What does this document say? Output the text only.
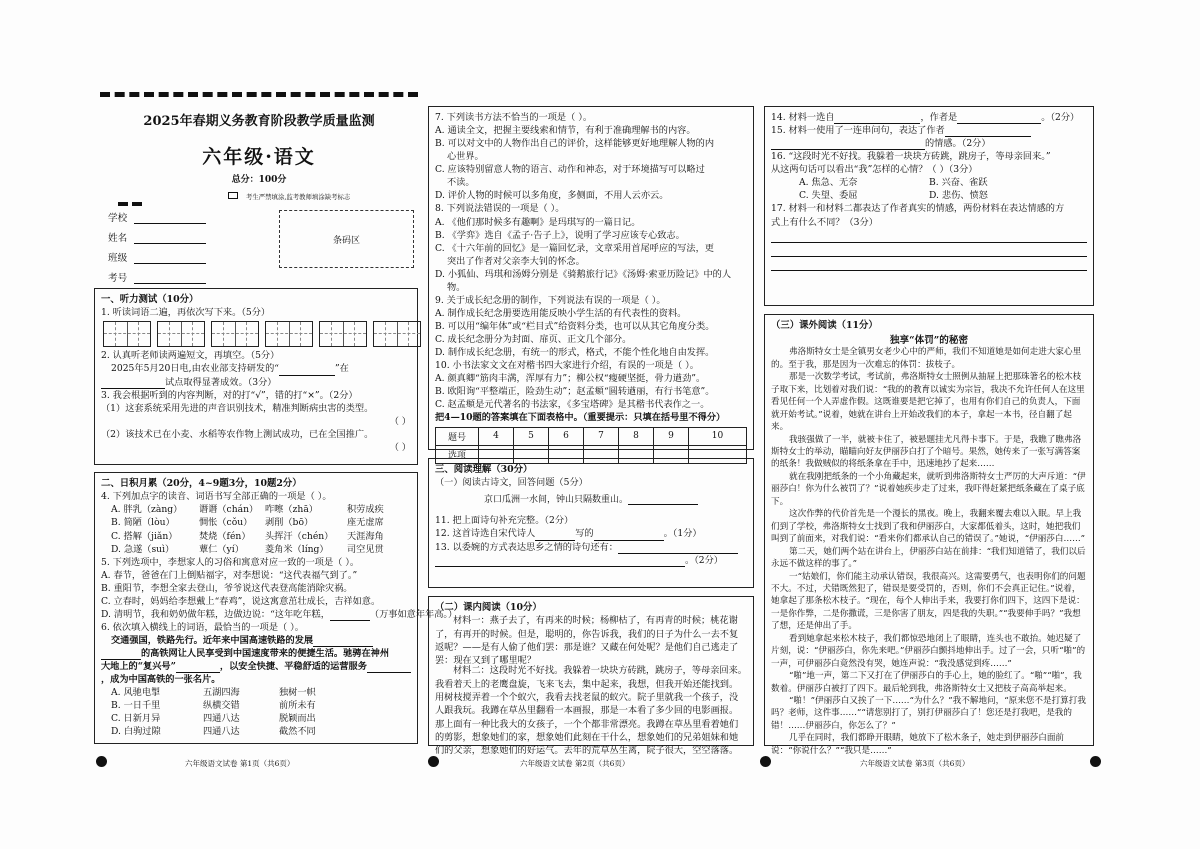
2025年春期义务教育阶段教学质量监测
六年级·语文
总分：100分
考生严禁填涂,监考教师填涂缺考标志
学校
姓名
班级
考号
条码区
一、听力测试（10分）
1. 听读词语二遍，再依次写下来。（5分）
2. 认真听老师读两遍短文，再填空。（5分）
2025年5月20日电,由农业部支持研发的“	”在
试点取得显著成效。（3分）
3. 我会根据听到的内容判断，对的打“√”，错的打“×”。（2分）
（1）这套系统采用先进的声音识别技术，精准判断病虫害的类型。
（ ）
（2）该技术已在小麦、水稻等农作物上测试成功，已在全国推广。
（ ）
二、日积月累（20分，4~9题3分，10题2分）
4. 下列加点字的读音、词语书写全部正确的一项是（ ）。
A. 胖乳（zàng） 谮谮（chán） 咋嚓（zhā）	积劳成疾
B. 简陋（lòu）	惆怅（cǒu） 剥削（bō）	座无虚席
C. 搭解（jiǎn） 焚烧（fén） 头挥汗（chén） 天涯海角
D. 急遂（suì）	蕈仁（yí） 菱角米（líng） 司空见贯
5. 下列选项中，李想家人的习俗和寓意对应一致的一项是（ ）。
A. 春节，爸爸在门上倒贴福字，对李想说：“这代表福气到了。”
B. 重阳节，李想全家去登山，爷爷说这代表登高能消除灾祸。
C. 立春时，妈妈给李想戴上“春鸡”，说这寓意茁壮成长，吉祥如意。
D. 清明节，我和奶奶做年糕，边做边说：“这年吃年糕，	（万事如意年年高。）
6. 依次填入横线上的词语，最恰当的一项是（ ）。
交通强国，铁路先行。近年来中国高速铁路的发展
的高铁网让人民享受到中国速度带来的便捷生活。驰骋在神州
大地上的“复兴号”	，以安全快捷、平稳舒适的运营服务
，成为中国高铁的一张名片。
A. 风驰电掣	五湖四海	独树一帜
B. 一日千里	纵横交错	前所未有
C. 日新月异	四通八达	脱颖而出
D. 白驹过隙	四通八达	截然不同
7. 下列读书方法不恰当的一项是（ ）。
A. 通读全文，把握主要线索和情节，有利于准确理解书的内容。
B. 可以对文中的人物作出自己的评价，这样能够更好地理解人物的内
心世界。
C. 应该特别留意人物的语言、动作和神态，对于环境描写可以略过
不读。
D. 评价人物的时候可以多角度，多侧面，不用人云亦云。
8. 下列说法错误的一项是（ ）。
A. 《他们那时候多有趣啊》是玛琪写的一篇日记。
B. 《学弈》选自《孟子·告子上》，说明了学习应该专心致志。
C. 《十六年前的回忆》是一篇回忆录，文章采用首尾呼应的写法，更
突出了作者对父亲李大钊的怀念。
D. 小狐仙、玛琪和汤姆分别是《骑鹅旅行记》《汤姆·索亚历险记》中的人
物。
9. 关于成长纪念册的制作，下列说法有误的一项是（ ）。
A. 制作成长纪念册要选用能反映小学生活的有代表性的资料。
B. 可以用“编年体”或“栏目式”给资料分类，也可以从其它角度分类。
C. 成长纪念册分为封面、扉页、正文几个部分。
D. 制作成长纪念册，有统一的形式，格式，不能个性化地自由发挥。
10. 小书法家文文在对楷书四大家进行介绍，有误的一项是（ ）。
A. 颜真卿“筋肉丰满，浑厚有力”；柳公权“瘦硬坚挺，骨力遒劲”。
B. 欧阳询“平整端正，险劲生动”；赵孟頫“圆转遒丽，有行书笔意”。
C. 赵孟頫是元代著名的书法家，《多宝塔碑》是其楷书代表作之一。
把4—10题的答案填在下面表格中。（重要提示：只填在括号里不得分）
题号	4	5	6	7	8	9	10
选项							
三、阅读理解（30分）
（一）阅读古诗文，回答问题（5分）
京口瓜洲一水间，钟山只隔数重山。
11. 把上面诗句补充完整。（2分）
12. 这首诗选自宋代诗人	写的	。（1分）
13. 以委婉的方式表达思乡之情的诗句还有：
。（2分）
（二）课内阅读（10分）
材料一：燕子去了，有再来的时候；杨柳枯了，有再青的时候；桃花谢了，有再开的时候。但是，聪明的，你告诉我，我们的日子为什么一去不复返呢？——是有人偷了他们罢：那是谁？又藏在何处呢？是他们自己逃走了罢：现在又到了哪里呢？
材料二：这段时光不好找。我躲着一块块方砖跳，跳房子，等母亲回来。我看着天上的老鹰盘旋，飞来飞去，集中起来，我想，但我开始还能找到。用树枝搅弄着一个个蚁穴，我看去找老鼠的蚁穴。院子里就我一个孩子，没人跟我玩。我蹲在草丛里翻看一本画报，那是一本看了多少回的电影画报。那上面有一种比我大的女孩子，一个个都非常漂亮。我蹲在草丛里看着她们的剪影，想象她们的家，想象她们此刻在干什么，想象她们的兄弟姐妹和她们的父亲，想象她们的好运气。去年的荒草丛生离，院子很大，空空落落。
14. 材料一选自	，作者是	。（2分）
15. 材料一使用了一连串问句，表达了作者
的情感。（2分）
16. “这段时光不好找。我躲着一块块方砖跳，跳房子，等母亲回来。”
从这两句话可以看出“我”怎样的心情？（ ）（3分）
A. 焦急、无奈	B. 兴奋、雀跃
C. 失望、委屈	D. 悲伤、愤怒
17. 材料一和材料二都表达了作者真实的情感，两份材料在表达情感的方
式上有什么不同？（3分）
（三）课外阅读（11分）
独享“体罚”的秘密
弗洛斯特女士是全镇男女老少心中的严师，我们不知道她是如何走进大家心里的。至于我，那是因为一次难忘的体罚：拔枝子。
那是一次数学考试，考试前，弗洛斯特女士照例从抽屉上把那珠箸名的松木枝子取下来，比划着对我们说：“我的的教育以诚实为宗旨，我决不允许任何人在这里看见任何一个人弄虚作假。这既谁要是把它掉了，也用有你们自己的负责人，下面就开始考试。”说着，她就在讲台上开始改我们的本子，拿起一本书，径自翻了起来。
我骇强做了一半，就被卡住了，被悬题挂尤凡得卡事下。于是，我瞧了瞧弗洛斯特女士的举动，瞄瞄向好友伊丽莎白打了个暗号。果然，她传来了一张写满答案的纸条！我做贼似的将纸条拿在手中，迅速地抄了起来……
就在我刚把纸条的一个小角藏起来，就听到弗洛斯特女士严厉的大声斥道：“伊丽莎白！你为什么被罚了？”说着她疾步走了过来，我吓得赶紧把纸条藏在了桌子底下。
这次作弊的代价首先是一个漫长的黑夜。晚上，我翻来覆去难以入眠。早上我们到了学校，弗洛斯特女士找到了我和伊丽莎白，大家都低着头，这时，她把我们叫到了前面来，对我们说：“看来你们都承认自己的错误了。”她说，“伊丽莎白……”
第二天，她们两个站在讲台上，伊丽莎白站在前排：“我们知道错了，我们以后永远不做这样的事了。”
一“姑娘们，你们能主动承认错误，我很高兴。这需要勇气，也表明你们的问题不大。不过，犬错既然犯了，错误是要受罚的，否则，你们不会真正记住。”说着，她拿起了那条松木枝子。“现在，每个人伸出手来，我要打你们四下，这四下是说：一是你作弊，二是你撒谎，三是你害了朋友，四是我的失职。”“我要伸手吗？”我想了想，还是伸出了手。
看到她拿起来松木枝子，我们都惊恐地闭上了眼睛，连头也不敢抬。她迟疑了片刻，说：“伊丽莎白，你先来吧。”伊丽莎白颤抖地伸出手。过了一会，只听“啪”的一声，可伊丽莎白竟然没有哭，她连声说：“我没感觉到疼……”
“啪”地一声，第二下又打在了伊丽莎白的手心上，她的脸红了。“啪”“啪”，我数着。伊丽莎白被打了四下。最后轮到我，弗洛斯特女士又把枝子高高举起来。
“啪！”伊丽莎白又挨了一下……“为什么？”我不解地问，“原来您不是打算打我吗？老师，这件事……”“请您别打了，别打伊丽莎白了！您还是打我吧，是我的错！……伊丽莎白，你怎么了？”
几乎在同时，我们都睁开眼睛，她放下了松木条子，她走到伊丽莎白面前说：“你说什么？”“我只是……”
六年级语文试卷 第1页（共6页）	六年级语文试卷 第2页（共6页）	六年级语文试卷 第3页（共6页）
